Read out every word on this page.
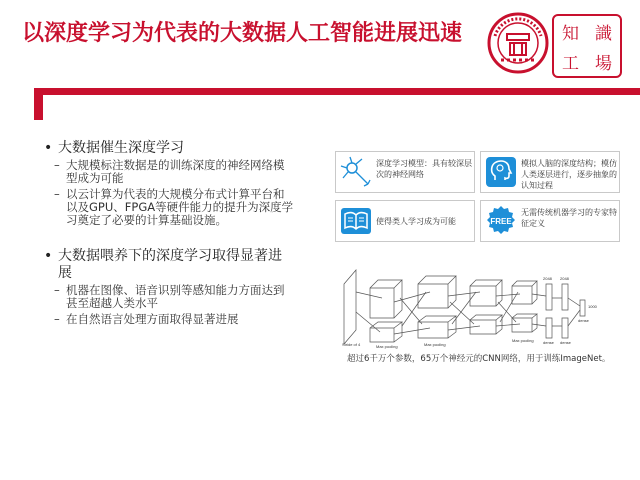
以深度学习为代表的大数据人工智能进展迅速	知 識
工 場
• 大数据催生深度学习
– 大规模标注数据是的训练深度的神经网络模型成为可能
– 以云计算为代表的大规模分布式计算平台和以及GPU、FPGA等硬件能力的提升为深度学习奠定了必要的计算基础设施。
• 大数据喂养下的深度学习取得显著进展
– 机器在图像、语音识别等感知能力方面达到甚至超越人类水平
– 在自然语言处理方面取得显著进展
深度学习模型：具有较深层次的神经网络
模拟人脑的深度结构；模仿人类逐层进行，逐步抽象的认知过程
使得类人学习成为可能	FREE
无需传统机器学习的专家特征定义
Stride of 4	Max pooling	Max pooling
Max pooling dense dense
dense
1000
2048 2048
超过6千万个参数，65万个神经元的CNN网络，用于训练ImageNet。
